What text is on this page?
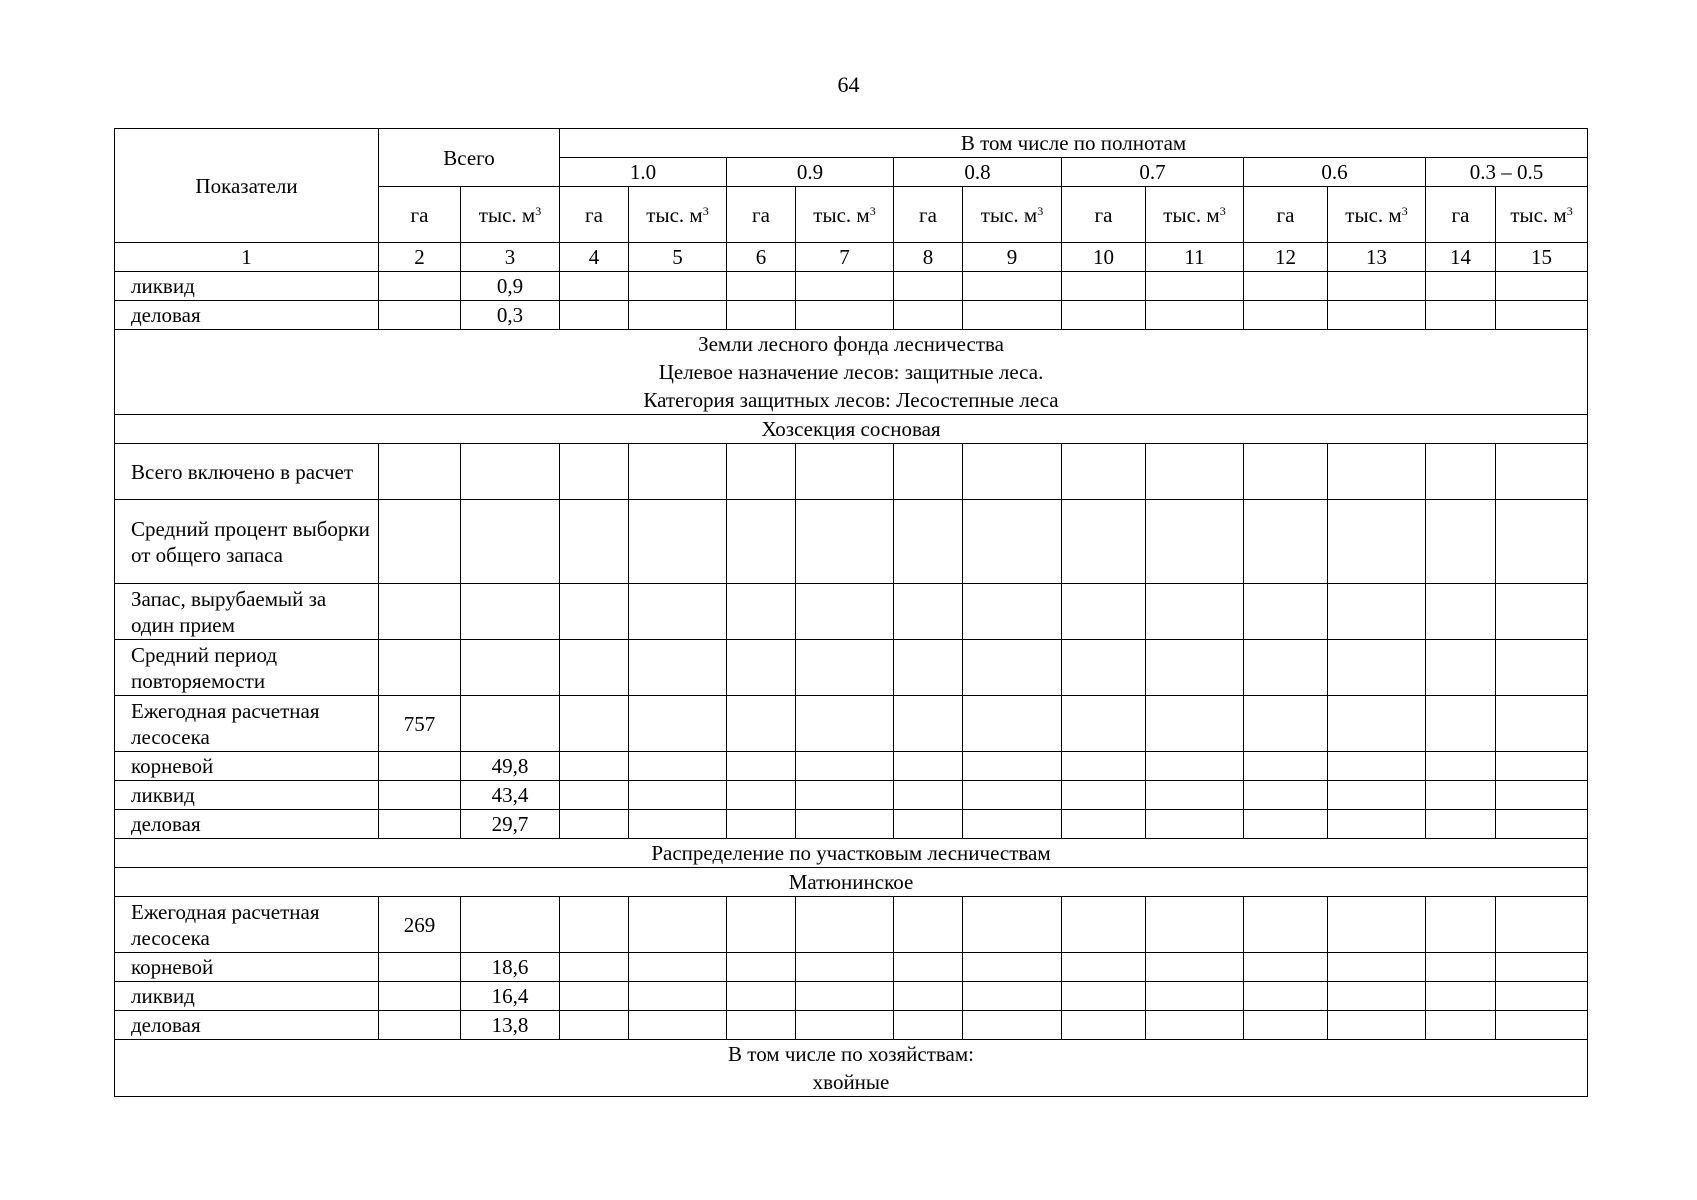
64
Показатели	Всего		В том числе по полнотам											
			1.0		0.9		0.8		0.7		0.6		0.3 – 0.5	
	га	тыс. $м^3$	га	тыс. $м^3$	га	тыс. $м^3$	га	тыс. $м^3$	га	тыс. $м^3$	га	тыс. $м^3$	га	тыс. $м^3$
1	2	3	4	5	6	7	8	9	10	11	12	13	14	15
ликвид		0,9												
деловая		0,3												

Земли лесного фонда лесничества
Целевое назначение лесов: защитные леса.
Категория защитных лесов: Лесостепные леса														

Хозсекция сосновая														

Всего включено в расчет														
Средний процент выборки от общего запаса														
Запас, вырубаемый за один прием														
Средний период повторяемости														
Ежегодная расчетная лесосека	757													
корневой		49,8												
ликвид		43,4												
деловая		29,7												

Распределение по участковым лесничествам														

Матюнинское														

Ежегодная расчетная лесосека	269													
корневой		18,6												
ликвид		16,4												
деловая		13,8												

В том числе по хозяйствам:
хвойные														
